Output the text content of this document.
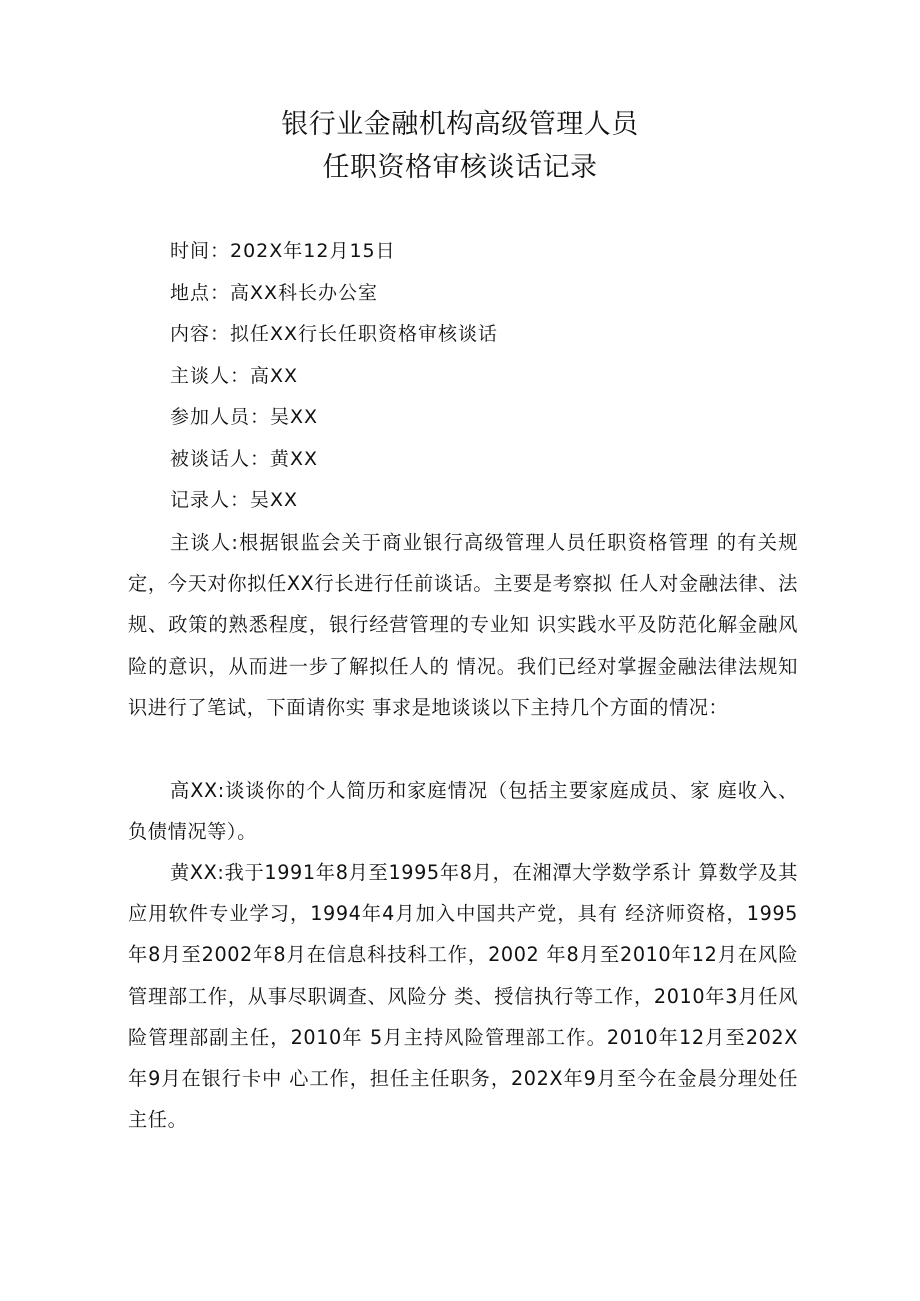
银行业金融机构高级管理人员
任职资格审核谈话记录
时间：202X年12月15日
地点：高XX科长办公室
内容：拟任XX行长任职资格审核谈话
主谈人：高XX
参加人员：吴XX
被谈话人：黄XX
记录人：吴XX
主谈人:根据银监会关于商业银行高级管理人员任职资格管理 的有关规定，今天对你拟任XX行长进行任前谈话。主要是考察拟 任人对金融法律、法规、政策的熟悉程度，银行经营管理的专业知 识实践水平及防范化解金融风险的意识，从而进一步了解拟任人的 情况。我们已经对掌握金融法律法规知识进行了笔试，下面请你实 事求是地谈谈以下主持几个方面的情况：
高XX:谈谈你的个人简历和家庭情况（包括主要家庭成员、家 庭收入、负债情况等）。
黄XX:我于1991年8月至1995年8月，在湘潭大学数学系计 算数学及其应用软件专业学习，1994年4月加入中国共产党，具有 经济师资格，1995年8月至2002年8月在信息科技科工作，2002 年8月至2010年12月在风险管理部工作，从事尽职调查、风险分 类、授信执行等工作，2010年3月任风险管理部副主任，2010年 5月主持风险管理部工作。2010年12月至202X年9月在银行卡中 心工作，担任主任职务，202X年9月至今在金晨分理处任主任。
